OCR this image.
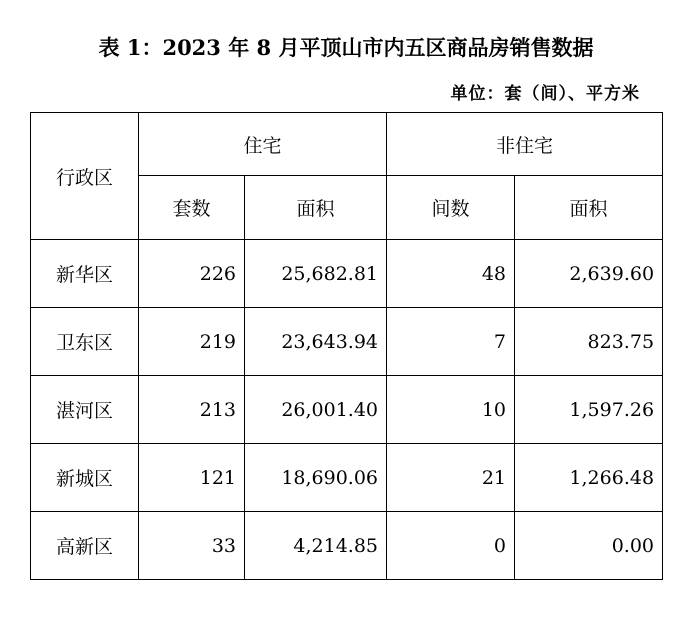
表 1：2023 年 8 月平顶山市内五区商品房销售数据
单位：套（间）、平方米
行政区	住宅		非住宅	
	套数	面积	间数	面积
新华区	226	25,682.81	48	2,639.60
卫东区	219	23,643.94	7	823.75
湛河区	213	26,001.40	10	1,597.26
新城区	121	18,690.06	21	1,266.48
高新区	33	4,214.85	0	0.00
